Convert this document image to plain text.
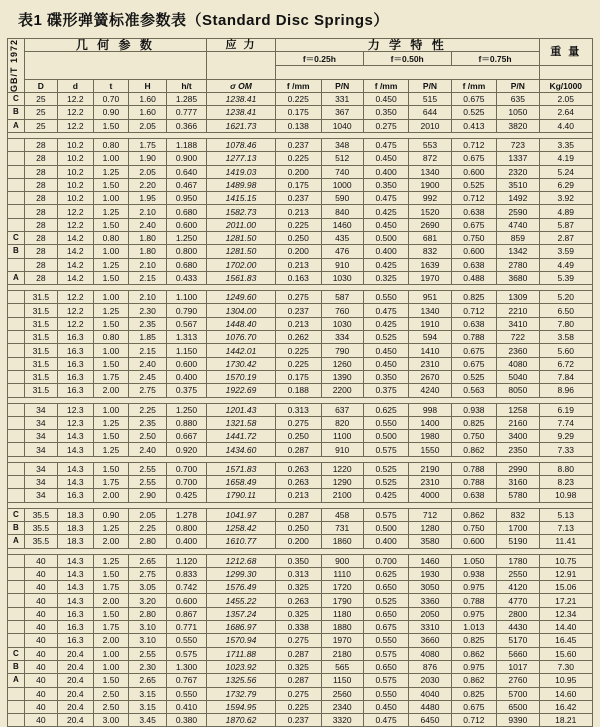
表1 碟形弹簧标准参数表（Standard Disc Springs）
GB/T 1972	几 何 参 数					应 力	力 学 特 性						重 量
							f＝0.25h		f＝0.50h		f＝0.75h		

	D	d	t	H	h/t	σ OM	f /mm	P/N	f /mm	P/N	f /mm	P/N	Kg/1000
C	25	12.2	0.70	1.60	1.285	1238.41	0.225	331	0.450	515	0.675	635	2.05
B	25	12.2	0.90	1.60	0.777	1238.41	0.175	367	0.350	644	0.525	1050	2.64
A	25	12.2	1.50	2.05	0.366	1621.73	0.138	1040	0.275	2010	0.413	3820	4.40

	28	10.2	0.80	1.75	1.188	1078.46	0.237	348	0.475	553	0.712	723	3.35
	28	10.2	1.00	1.90	0.900	1277.13	0.225	512	0.450	872	0.675	1337	4.19
	28	10.2	1.25	2.05	0.640	1419.03	0.200	740	0.400	1340	0.600	2320	5.24
	28	10.2	1.50	2.20	0.467	1489.98	0.175	1000	0.350	1900	0.525	3510	6.29
	28	10.2	1.00	1.95	0.950	1415.15	0.237	590	0.475	992	0.712	1492	3.92
	28	12.2	1.25	2.10	0.680	1582.73	0.213	840	0.425	1520	0.638	2590	4.89
	28	12.2	1.50	2.40	0.600	2011.00	0.225	1460	0.450	2690	0.675	4740	5.87
C	28	14.2	0.80	1.80	1.250	1281.50	0.250	435	0.500	681	0.750	859	2.87
B	28	14.2	1.00	1.80	0.800	1281.50	0.200	476	0.400	832	0.600	1342	3.59
	28	14.2	1.25	2.10	0.680	1702.00	0.213	910	0.425	1639	0.638	2780	4.49
A	28	14.2	1.50	2.15	0.433	1561.83	0.163	1030	0.325	1970	0.488	3680	5.39

	31.5	12.2	1.00	2.10	1.100	1249.60	0.275	587	0.550	951	0.825	1309	5.20
	31.5	12.2	1.25	2.30	0.790	1304.00	0.237	760	0.475	1340	0.712	2210	6.50
	31.5	12.2	1.50	2.35	0.567	1448.40	0.213	1030	0.425	1910	0.638	3410	7.80
	31.5	16.3	0.80	1.85	1.313	1076.70	0.262	334	0.525	594	0.788	722	3.58
	31.5	16.3	1.00	2.15	1.150	1442.01	0.225	790	0.450	1410	0.675	2360	5.60
	31.5	16.3	1.50	2.40	0.600	1730.42	0.225	1260	0.450	2310	0.675	4080	6.72
	31.5	16.3	1.75	2.45	0.400	1570.19	0.175	1390	0.350	2670	0.525	5040	7.84
	31.5	16.3	2.00	2.75	0.375	1922.69	0.188	2200	0.375	4240	0.563	8050	8.96

	34	12.3	1.00	2.25	1.250	1201.43	0.313	637	0.625	998	0.938	1258	6.19
	34	12.3	1.25	2.35	0.880	1321.58	0.275	820	0.550	1400	0.825	2160	7.74
	34	14.3	1.50	2.50	0.667	1441.72	0.250	1100	0.500	1980	0.750	3400	9.29
	34	14.3	1.25	2.40	0.920	1434.60	0.287	910	0.575	1550	0.862	2350	7.33

	34	14.3	1.50	2.55	0.700	1571.83	0.263	1220	0.525	2190	0.788	2990	8.80
	34	14.3	1.75	2.55	0.700	1658.49	0.263	1290	0.525	2310	0.788	3160	8.23
	34	16.3	2.00	2.90	0.425	1790.11	0.213	2100	0.425	4000	0.638	5780	10.98

C	35.5	18.3	0.90	2.05	1.278	1041.97	0.287	458	0.575	712	0.862	832	5.13
B	35.5	18.3	1.25	2.25	0.800	1258.42	0.250	731	0.500	1280	0.750	1700	7.13
A	35.5	18.3	2.00	2.80	0.400	1610.77	0.200	1860	0.400	3580	0.600	5190	11.41

	40	14.3	1.25	2.65	1.120	1212.68	0.350	900	0.700	1460	1.050	1780	10.75
	40	14.3	1.50	2.75	0.833	1299.30	0.313	1110	0.625	1930	0.938	2550	12.91
	40	14.3	1.75	3.05	0.742	1576.49	0.325	1720	0.650	3050	0.975	4120	15.06
	40	14.3	2.00	3.20	0.600	1455.22	0.263	1790	0.525	3360	0.788	4770	17.21
	40	16.3	1.50	2.80	0.867	1357.24	0.325	1180	0.650	2050	0.975	2800	12.34
	40	16.3	1.75	3.10	0.771	1686.97	0.338	1880	0.675	3310	1.013	4430	14.40
	40	16.3	2.00	3.10	0.550	1570.94	0.275	1970	0.550	3660	0.825	5170	16.45
C	40	20.4	1.00	2.55	0.575	1711.88	0.287	2180	0.575	4080	0.862	5660	15.60
B	40	20.4	1.00	2.30	1.300	1023.92	0.325	565	0.650	876	0.975	1017	7.30
A	40	20.4	1.50	2.65	0.767	1325.56	0.287	1150	0.575	2030	0.862	2760	10.95
	40	20.4	2.50	3.15	0.550	1732.79	0.275	2560	0.550	4040	0.825	5700	14.60
	40	20.4	2.50	3.15	0.410	1594.95	0.225	2340	0.450	4480	0.675	6500	16.42
	40	20.4	3.00	3.45	0.380	1870.62	0.237	3320	0.475	6450	0.712	9390	18.21
